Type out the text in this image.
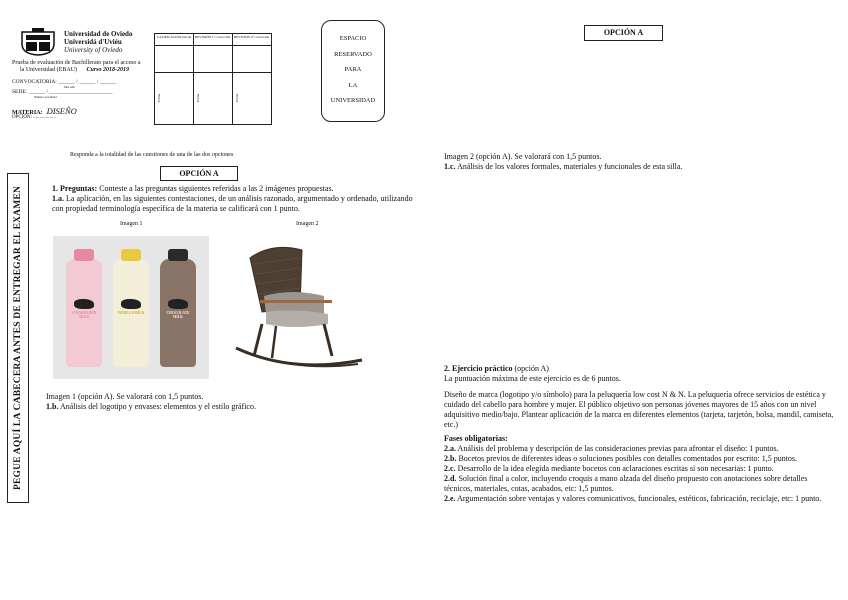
Universidad de Oviedo
Universidá d'Uviéu
University of Oviedo
Prueba de evaluación de Bachillerato para el acceso a
la Universidad (EBAU) Curso 2018-2019
CONVOCATORIA: ______ / ______ / ______
Mes Año
SEDE: ______ / _______________________
Número Localidad
MATERIA: DISEÑO
OPCIÓN: ..................
CALIFICACIÓN Inicial REVISIÓN 1ª corrección REVISIÓN 2ª corrección
Firma	Firma	Firma
ESPACIO
RESERVADO
PARA
LA
UNIVERSIDAD
PEGUE AQUÍ LA CABECERA ANTES DE ENTREGAR EL EXAMEN
Responda a la totalidad de las cuestiones de una de las dos opciones
OPCIÓN A
1. Preguntas: Conteste a las preguntas siguientes referidas a las 2 imágenes propuestas.

1.a. La aplicación, en las siguientes contestaciones, de un análisis razonado, argumentado y ordenado, utilizando

con propiedad terminología específica de la materia se calificará con 1 punto.
Imagen 1	Imagen 2
STRAWBERRY MILK
VANILLA MILK	CHOCOLATE MILK
Imagen 1 (opción A). Se valorará con 1,5 puntos.

1.b. Análisis del logotipo y envases: elementos y el estilo gráfico.
OPCIÓN A
Imagen 2 (opción A). Se valorará con 1,5 puntos.

1.c. Análisis de los valores formales, materiales y funcionales de esta silla.
2. Ejercicio práctico (opción A)

La puntuación máxima de este ejercicio es de 6 puntos.
Diseño de marca (logotipo y/o símbolo) para la peluquería low cost N & N. La peluquería ofrece servicios de estética y

cuidado del cabello para hombre y mujer. El público objetivo son personas jóvenes mayores de 15 años con un nivel

adquisitivo medio/bajo. Plantear aplicación de la marca en diferentes elementos (tarjeta, tarjetón, bolsa, mandil, camiseta,

etc.)
Fases obligatorias:

2.a. Análisis del problema y descripción de las consideraciones previas para afrontar el diseño: 1 puntos.

2.b. Bocetos previos de diferentes ideas o soluciones posibles con detalles comentados por escrito: 1,5 puntos.

2.c. Desarrollo de la idea elegida mediante bocetos con aclaraciones escritas si son necesarias: 1 punto.

2.d. Solución final a color, incluyendo croquis a mano alzada del diseño propuesto con anotaciones sobre detalles

técnicos, materiales, cotas, acabados, etc: 1,5 puntos.

2.e. Argumentación sobre ventajas y valores comunicativos, funcionales, estéticos, fabricación, reciclaje, etc: 1 punto.
